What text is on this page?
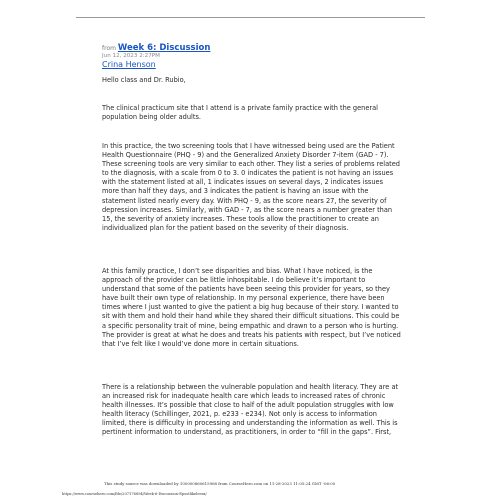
from Week 6: Discussion
Jun 12, 2023 2:27PM
Crina Henson

Hello class and Dr. Rubio,

The clinical practicum site that I attend is a private family practice with the general population being older adults.

In this practice, the two screening tools that I have witnessed being used are the Patient Health Questionnaire (PHQ - 9) and the Generalized Anxiety Disorder 7-item (GAD - 7). These screening tools are very similar to each other. They list a series of problems related to the diagnosis, with a scale from 0 to 3. 0 indicates the patient is not having an issues with the statement listed at all, 1 indicates issues on several days, 2 indicates issues more than half they days, and 3 indicates the patient is having an issue with the statement listed nearly every day. With PHQ - 9, as the score nears 27, the severity of depression increases. Similarly, with GAD - 7, as the score nears a number greater than 15, the severity of anxiety increases. These tools allow the practitioner to create an individualized plan for the patient based on the severity of their diagnosis.

At this family practice, I don’t see disparities and bias. What I have noticed, is the approach of the provider can be little inhospitable. I do believe it’s important to understand that some of the patients have been seeing this provider for years, so they have built their own type of relationship. In my personal experience, there have been times where I just wanted to give the patient a big hug because of their story. I wanted to sit with them and hold their hand while they shared their difficult situations. This could be a specific personality trait of mine, being empathic and drawn to a person who is hurting. The provider is great at what he does and treats his patients with respect, but I’ve noticed that I’ve felt like I would’ve done more in certain situations.

There is a relationship between the vulnerable population and health literacy. They are at an increased risk for inadequate health care which leads to increased rates of chronic health illnesses. It’s possible that close to half of the adult population struggles with low health literacy (Schillinger, 2021, p. e233 - e234). Not only is access to information limited, there is difficulty in processing and understanding the information as well. This is pertinent information to understand, as practitioners, in order to “fill in the gaps”. First,

This study source was downloaded by 100000860615968 from CourseHero.com on 11-28-2023 11:05:24 GMT -06:00
https://www.coursehero.com/file/207176894/Week-6-Discussion-Epostlikeleesx/
